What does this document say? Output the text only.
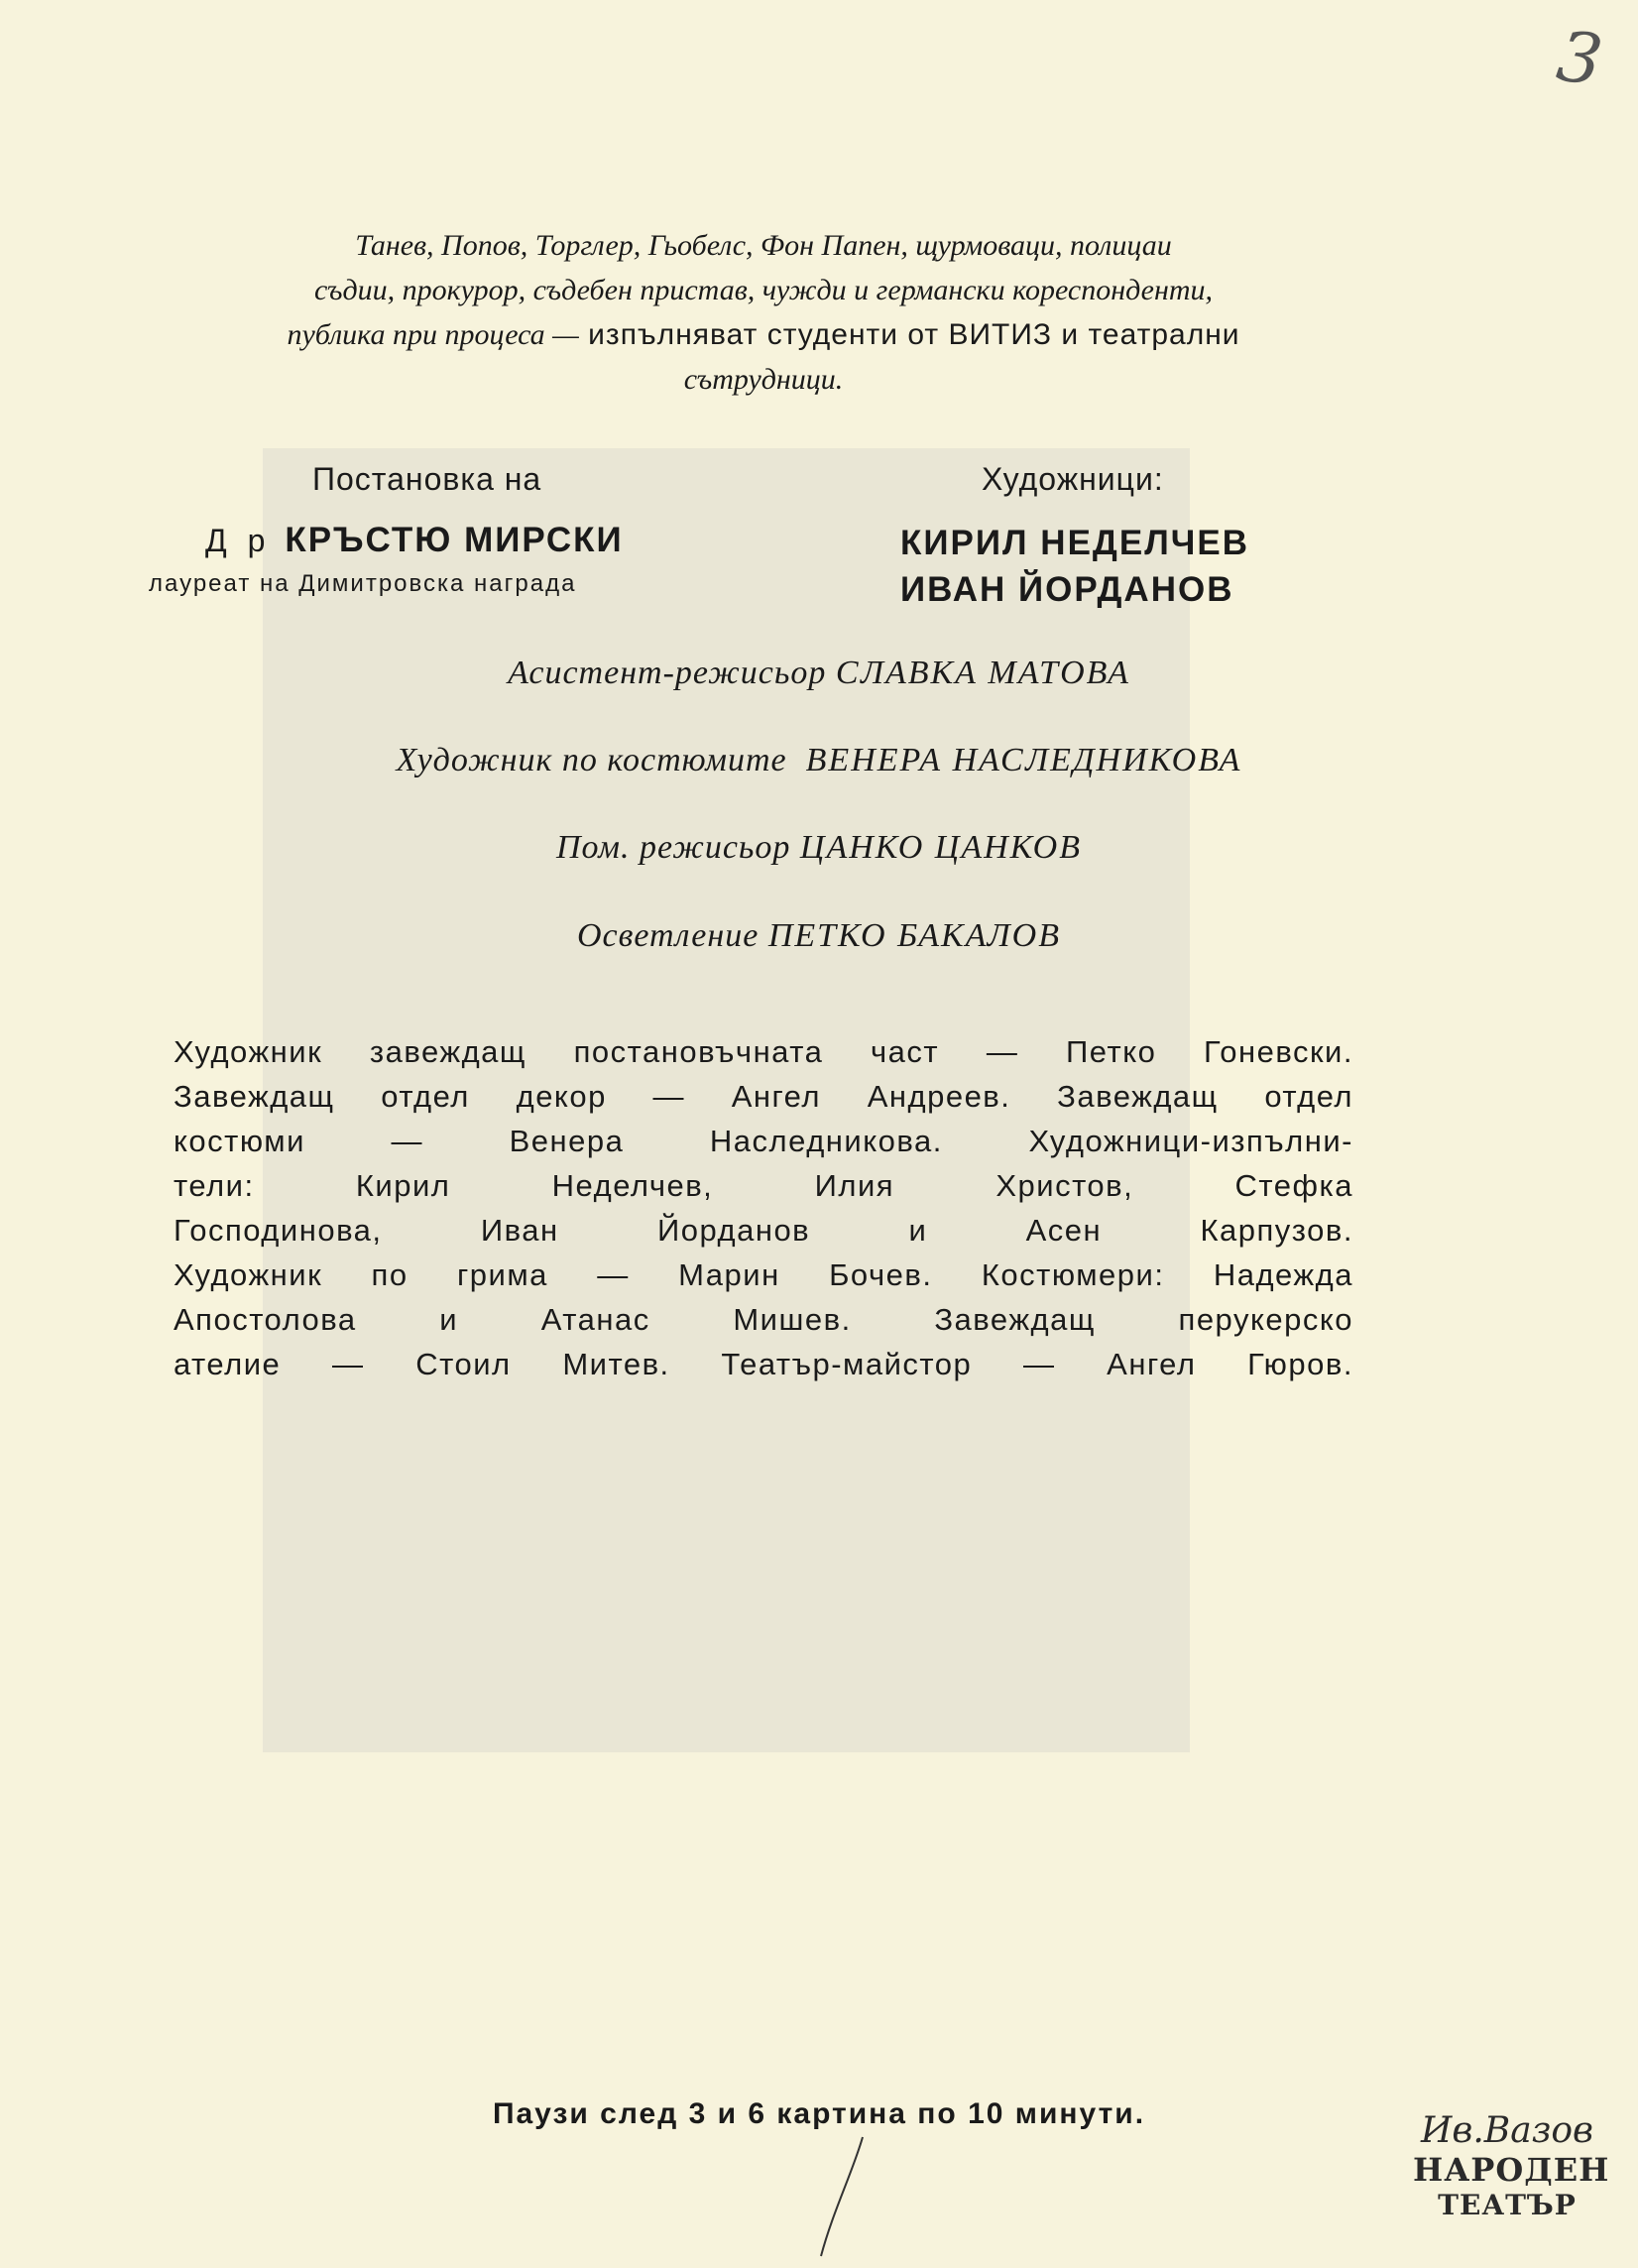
3
Танев, Попов, Торглер, Гьобелс, Фон Папен, щурмоваци, полицаи
съдии, прокурор, съдебен пристав, чужди и германски кореспонденти,
публика при процеса — изпълняват студенти от ВИТИЗ и театрални
сътрудници.
Постановка на
Д р КРЪСТЮ МИРСКИ
лауреат на Димитровска награда
Художници:
КИРИЛ НЕДЕЛЧЕВ
ИВАН ЙОРДАНОВ
Асистент-режисьор СЛАВКА МАТОВА
Художник по костюмите ВЕНЕРА НАСЛЕДНИКОВА
Пом. режисьор ЦАНКО ЦАНКОВ
Осветление ПЕТКО БАКАЛОВ
Художник завеждащ постановъчната част — Петко Гоневски.
Завеждащ отдел декор — Ангел Андреев. Завеждащ отдел
костюми — Венера Наследникова. Художници-изпълни-
тели: Кирил Неделчев, Илия Христов, Стефка
Господинова, Иван Йорданов и Асен Карпузов.
Художник по грима — Марин Бочев. Костюмери: Надежда
Апостолова и Атанас Мишев. Завеждащ перукерско
ателие — Стоил Митев. Театър-майстор — Ангел Гюров.
Паузи след 3 и 6 картина по 10 минути.	Ив.Вазов
НАРОДЕН
ТЕАТЪР
